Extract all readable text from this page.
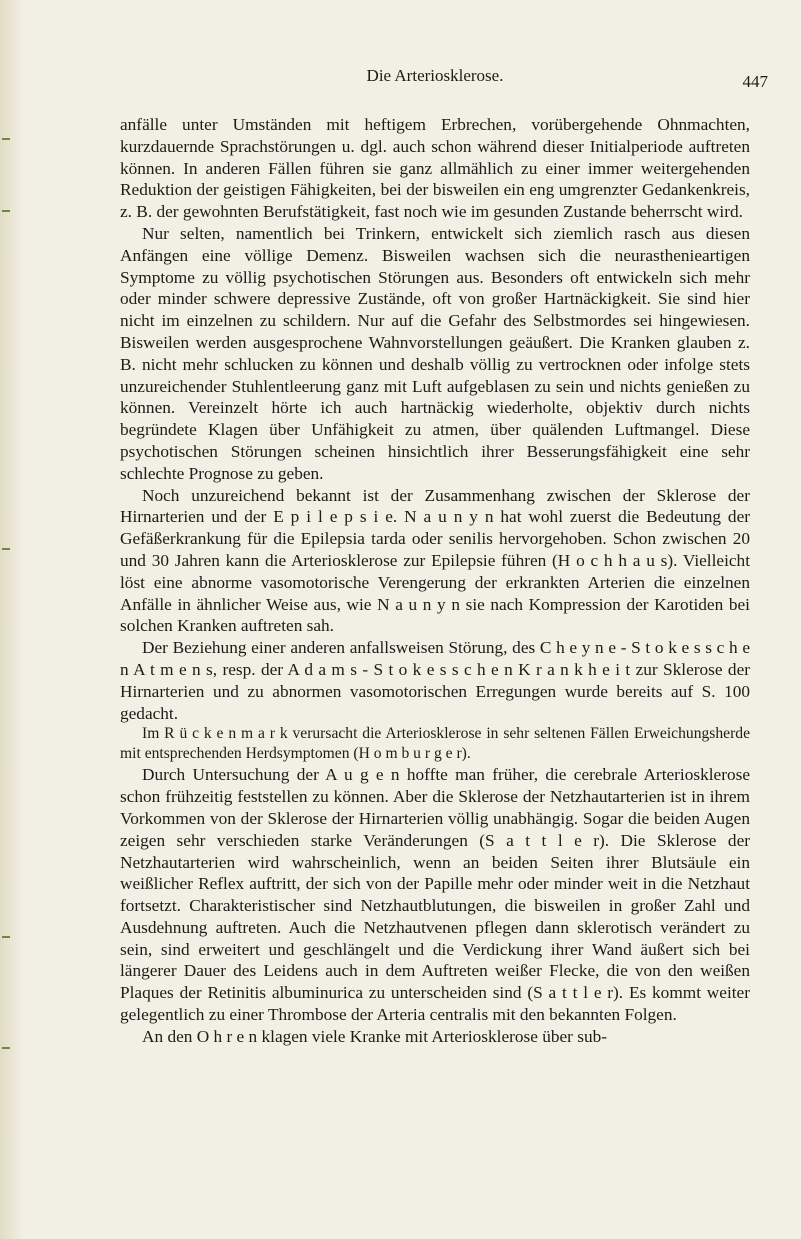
Die Arteriosklerose.	447

anfälle unter Umständen mit heftigem Erbrechen, vorübergehende Ohnmachten, kurzdauernde Sprachstörungen u. dgl. auch schon während dieser Initialperiode auftreten können. In anderen Fällen führen sie ganz allmählich zu einer immer weitergehenden Reduktion der geistigen Fähigkeiten, bei der bisweilen ein eng umgrenzter Gedankenkreis, z. B. der gewohnten Berufstätigkeit, fast noch wie im gesunden Zustande beherrscht wird.

Nur selten, namentlich bei Trinkern, entwickelt sich ziemlich rasch aus diesen Anfängen eine völlige Demenz. Bisweilen wachsen sich die neurastheniеartigen Symptome zu völlig psychotischen Störungen aus. Besonders oft entwickeln sich mehr oder minder schwere depressive Zustände, oft von großer Hartnäckigkeit. Sie sind hier nicht im einzelnen zu schildern. Nur auf die Gefahr des Selbstmordes sei hingewiesen. Bisweilen werden ausgesprochene Wahnvorstellungen geäußert. Die Kranken glauben z. B. nicht mehr schlucken zu können und deshalb völlig zu vertrocknen oder infolge stets unzureichender Stuhlentleerung ganz mit Luft aufgeblasen zu sein und nichts genießen zu können. Vereinzelt hörte ich auch hartnäckig wiederholte, objektiv durch nichts begründete Klagen über Unfähigkeit zu atmen, über quälenden Luftmangel. Diese psychotischen Störungen scheinen hinsichtlich ihrer Besserungsfähigkeit eine sehr schlechte Prognose zu geben.

Noch unzureichend bekannt ist der Zusammenhang zwischen der Sklerose der Hirnarterien und der E p i l e p s i e. N a u n y n hat wohl zuerst die Bedeutung der Gefäßerkrankung für die Epilepsia tarda oder senilis hervorgehoben. Schon zwischen 20 und 30 Jahren kann die Arteriosklerose zur Epilepsie führen (H o c h h a u s). Vielleicht löst eine abnorme vasomotorische Verengerung der erkrankten Arterien die einzelnen Anfälle in ähnlicher Weise aus, wie N a u n y n sie nach Kompression der Karotiden bei solchen Kranken auftreten sah.

Der Beziehung einer anderen anfallsweisen Störung, des C h e y n e - S t o k e s s c h e n A t m e n s, resp. der A d a m s - S t o k e s s c h e n K r a n k h e i t zur Sklerose der Hirnarterien und zu abnormen vasomotorischen Erregungen wurde bereits auf S. 100 gedacht.

Im R ü c k e n m a r k verursacht die Arteriosklerose in sehr seltenen Fällen Erweichungsherde mit entsprechenden Herdsymptomen (H o m b u r g e r).

Durch Untersuchung der A u g e n hoffte man früher, die cerebrale Arteriosklerose schon frühzeitig feststellen zu können. Aber die Sklerose der Netzhautarterien ist in ihrem Vorkommen von der Sklerose der Hirnarterien völlig unabhängig. Sogar die beiden Augen zeigen sehr verschieden starke Veränderungen (S a t t l e r). Die Sklerose der Netzhautarterien wird wahrscheinlich, wenn an beiden Seiten ihrer Blutsäule ein weißlicher Reflex auftritt, der sich von der Papille mehr oder minder weit in die Netzhaut fortsetzt. Charakteristischer sind Netzhautblutungen, die bisweilen in großer Zahl und Ausdehnung auftreten. Auch die Netzhautvenen pflegen dann sklerotisch verändert zu sein, sind erweitert und geschlängelt und die Verdickung ihrer Wand äußert sich bei längerer Dauer des Leidens auch in dem Auftreten weißer Flecke, die von den weißen Plaques der Retinitis albuminurica zu unterscheiden sind (S a t t l e r). Es kommt weiter gelegentlich zu einer Thrombose der Arteria centralis mit den bekannten Folgen.

An den O h r e n klagen viele Kranke mit Arteriosklerose über sub-
